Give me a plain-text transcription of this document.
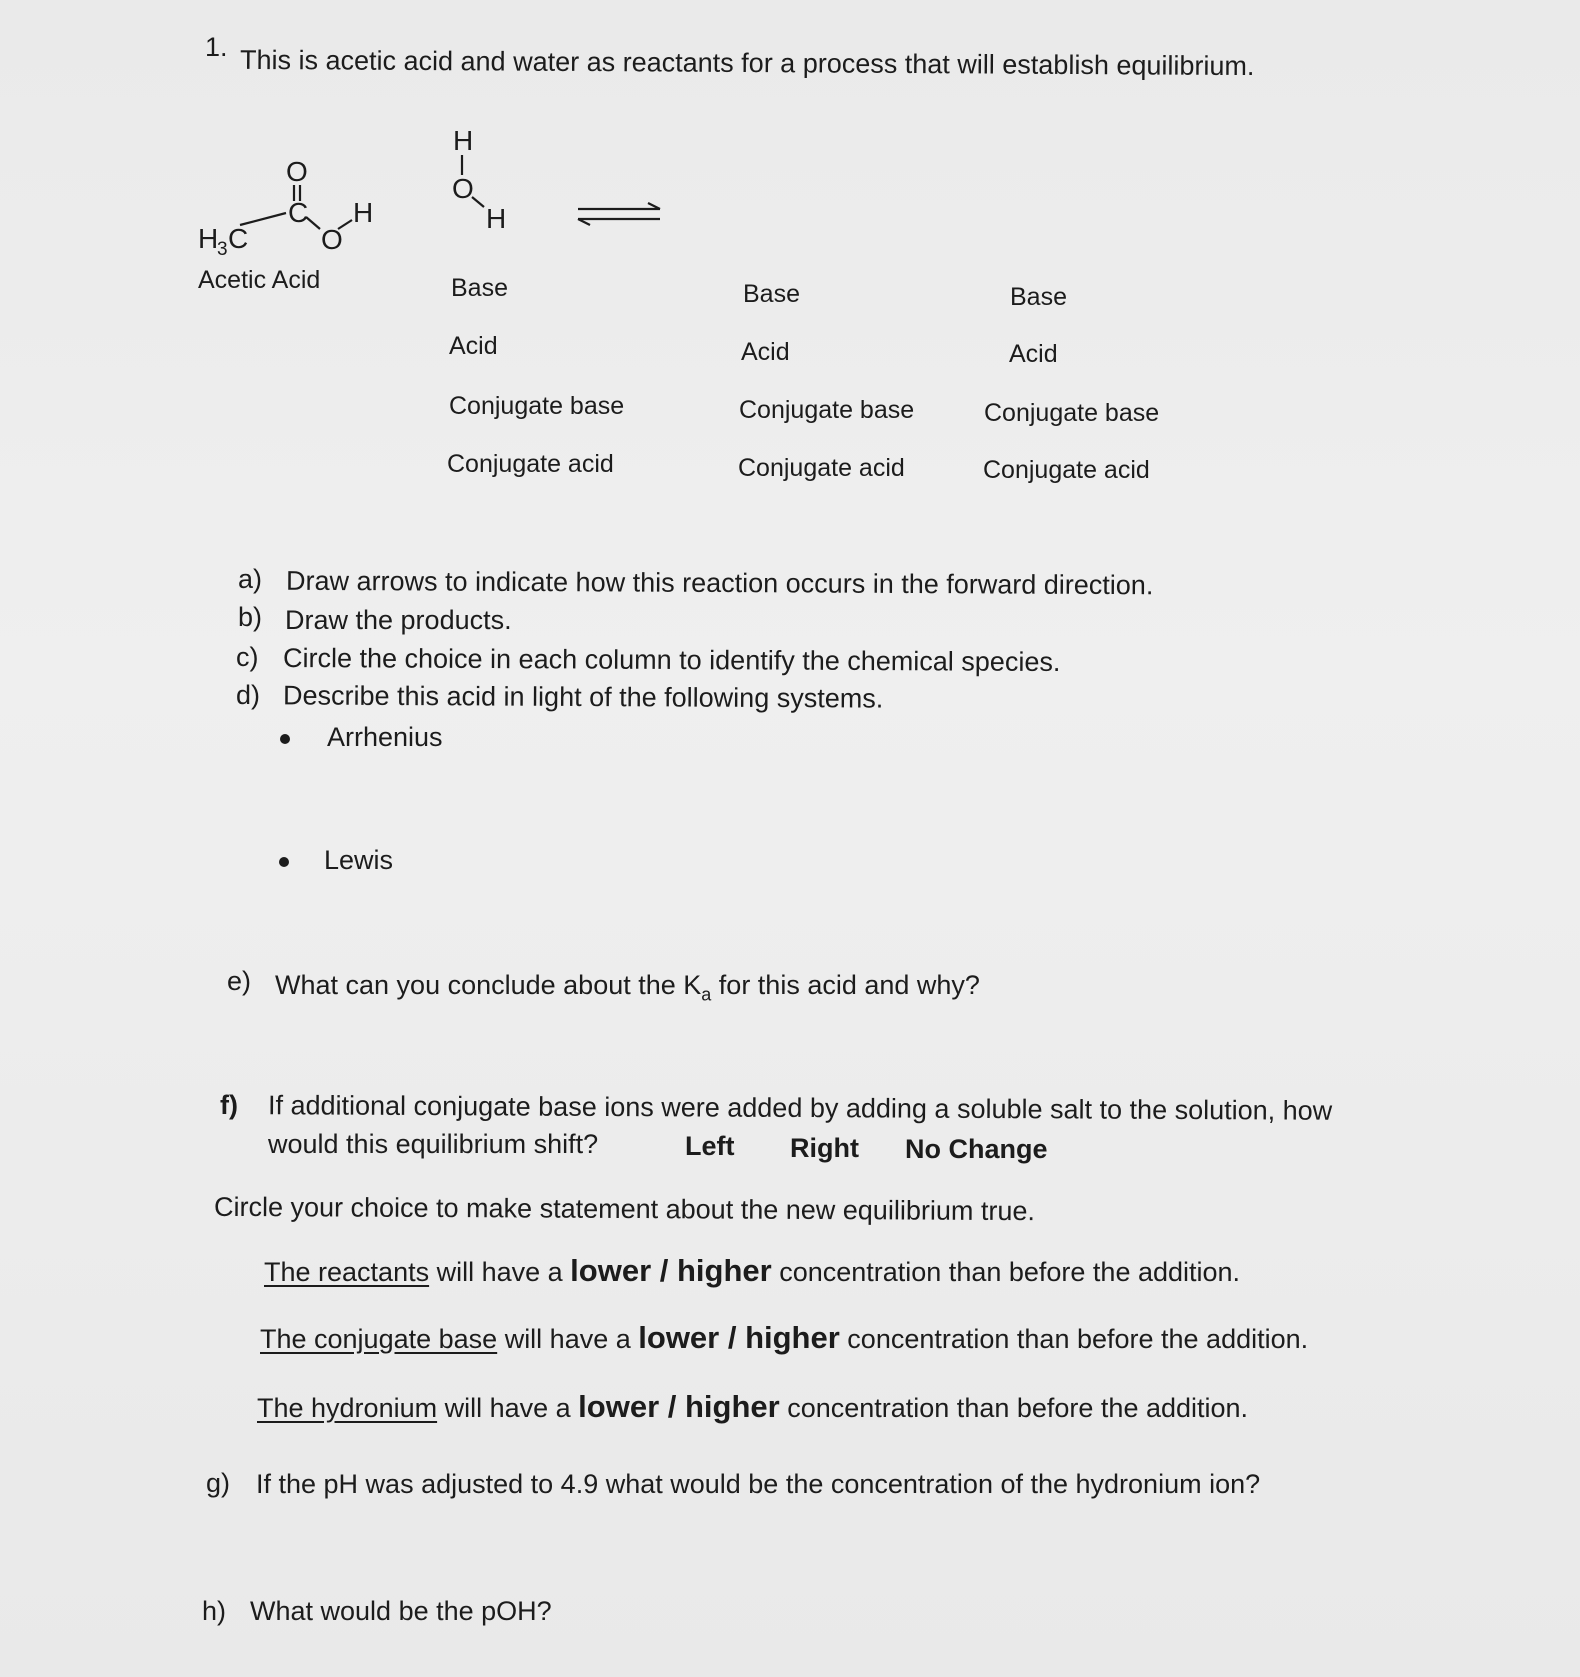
1. This is acetic acid and water as reactants for a process that will establish equilibrium.
O
C
O
H
H
O
H
H
3 C
Acetic Acid	Base
Acid
Conjugate base
Conjugate acid
Base
Acid
Conjugate base
Conjugate acid
Base
Acid
Conjugate base
Conjugate acid
a) Draw arrows to indicate how this reaction occurs in the forward direction.
b) Draw the products.
c) Circle the choice in each column to identify the chemical species.
d) Describe this acid in light of the following systems.
Arrhenius
Lewis
e) What can you conclude about the $K_a$ for this acid and why?
f) If additional conjugate base ions were added by adding a soluble salt to the solution, how
would this equilibrium shift?	Left Right No Change
Circle your choice to make statement about the new equilibrium true.
The reactants will have a lower / higher concentration than before the addition.
The conjugate base will have a lower / higher concentration than before the addition.
The hydronium will have a lower / higher concentration than before the addition.
g) If the pH was adjusted to 4.9 what would be the concentration of the hydronium ion?
h) What would be the pOH?
